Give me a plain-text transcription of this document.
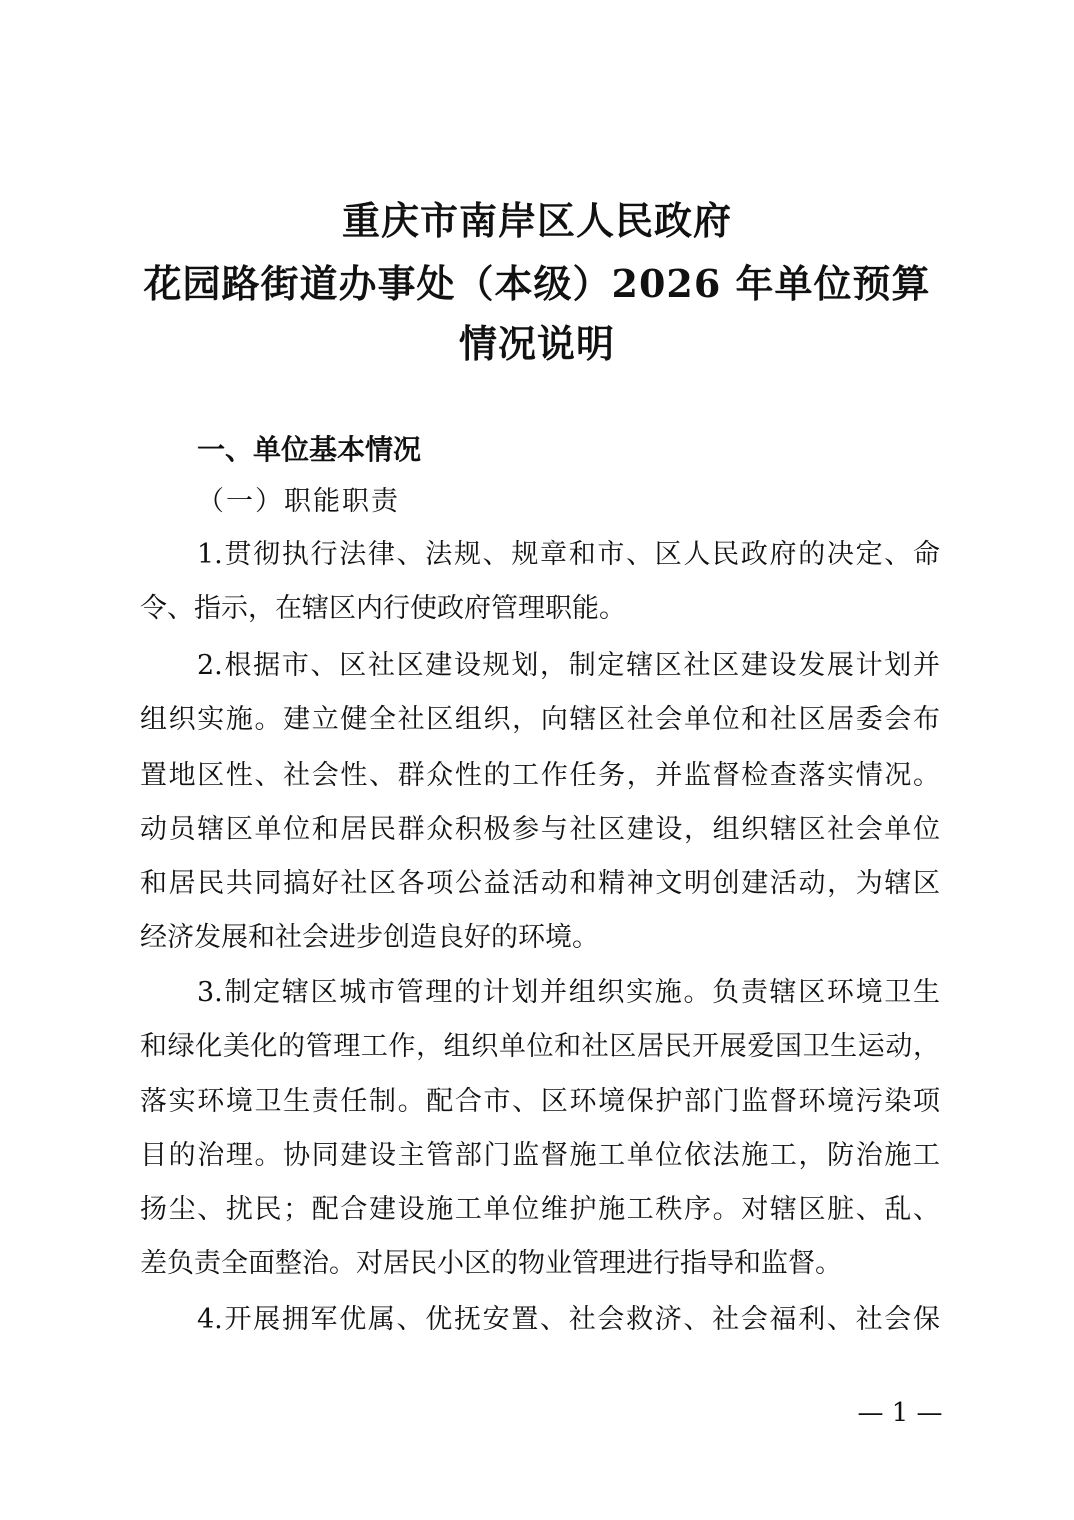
重庆市南岸区人民政府
花园路街道办事处（本级）2026 年单位预算
情况说明
一、单位基本情况
（一）职能职责
1.贯彻执行法律、法规、规章和市、区人民政府的决定、命
令、指示，在辖区内行使政府管理职能。
2.根据市、区社区建设规划，制定辖区社区建设发展计划并
组织实施。建立健全社区组织，向辖区社会单位和社区居委会布
置地区性、社会性、群众性的工作任务，并监督检查落实情况。
动员辖区单位和居民群众积极参与社区建设，组织辖区社会单位
和居民共同搞好社区各项公益活动和精神文明创建活动，为辖区
经济发展和社会进步创造良好的环境。
3.制定辖区城市管理的计划并组织实施。负责辖区环境卫生
和绿化美化的管理工作，组织单位和社区居民开展爱国卫生运动，
落实环境卫生责任制。配合市、区环境保护部门监督环境污染项
目的治理。协同建设主管部门监督施工单位依法施工，防治施工
扬尘、扰民；配合建设施工单位维护施工秩序。对辖区脏、乱、
差负责全面整治。对居民小区的物业管理进行指导和监督。
4.开展拥军优属、优抚安置、社会救济、社会福利、社会保
— 1 —
